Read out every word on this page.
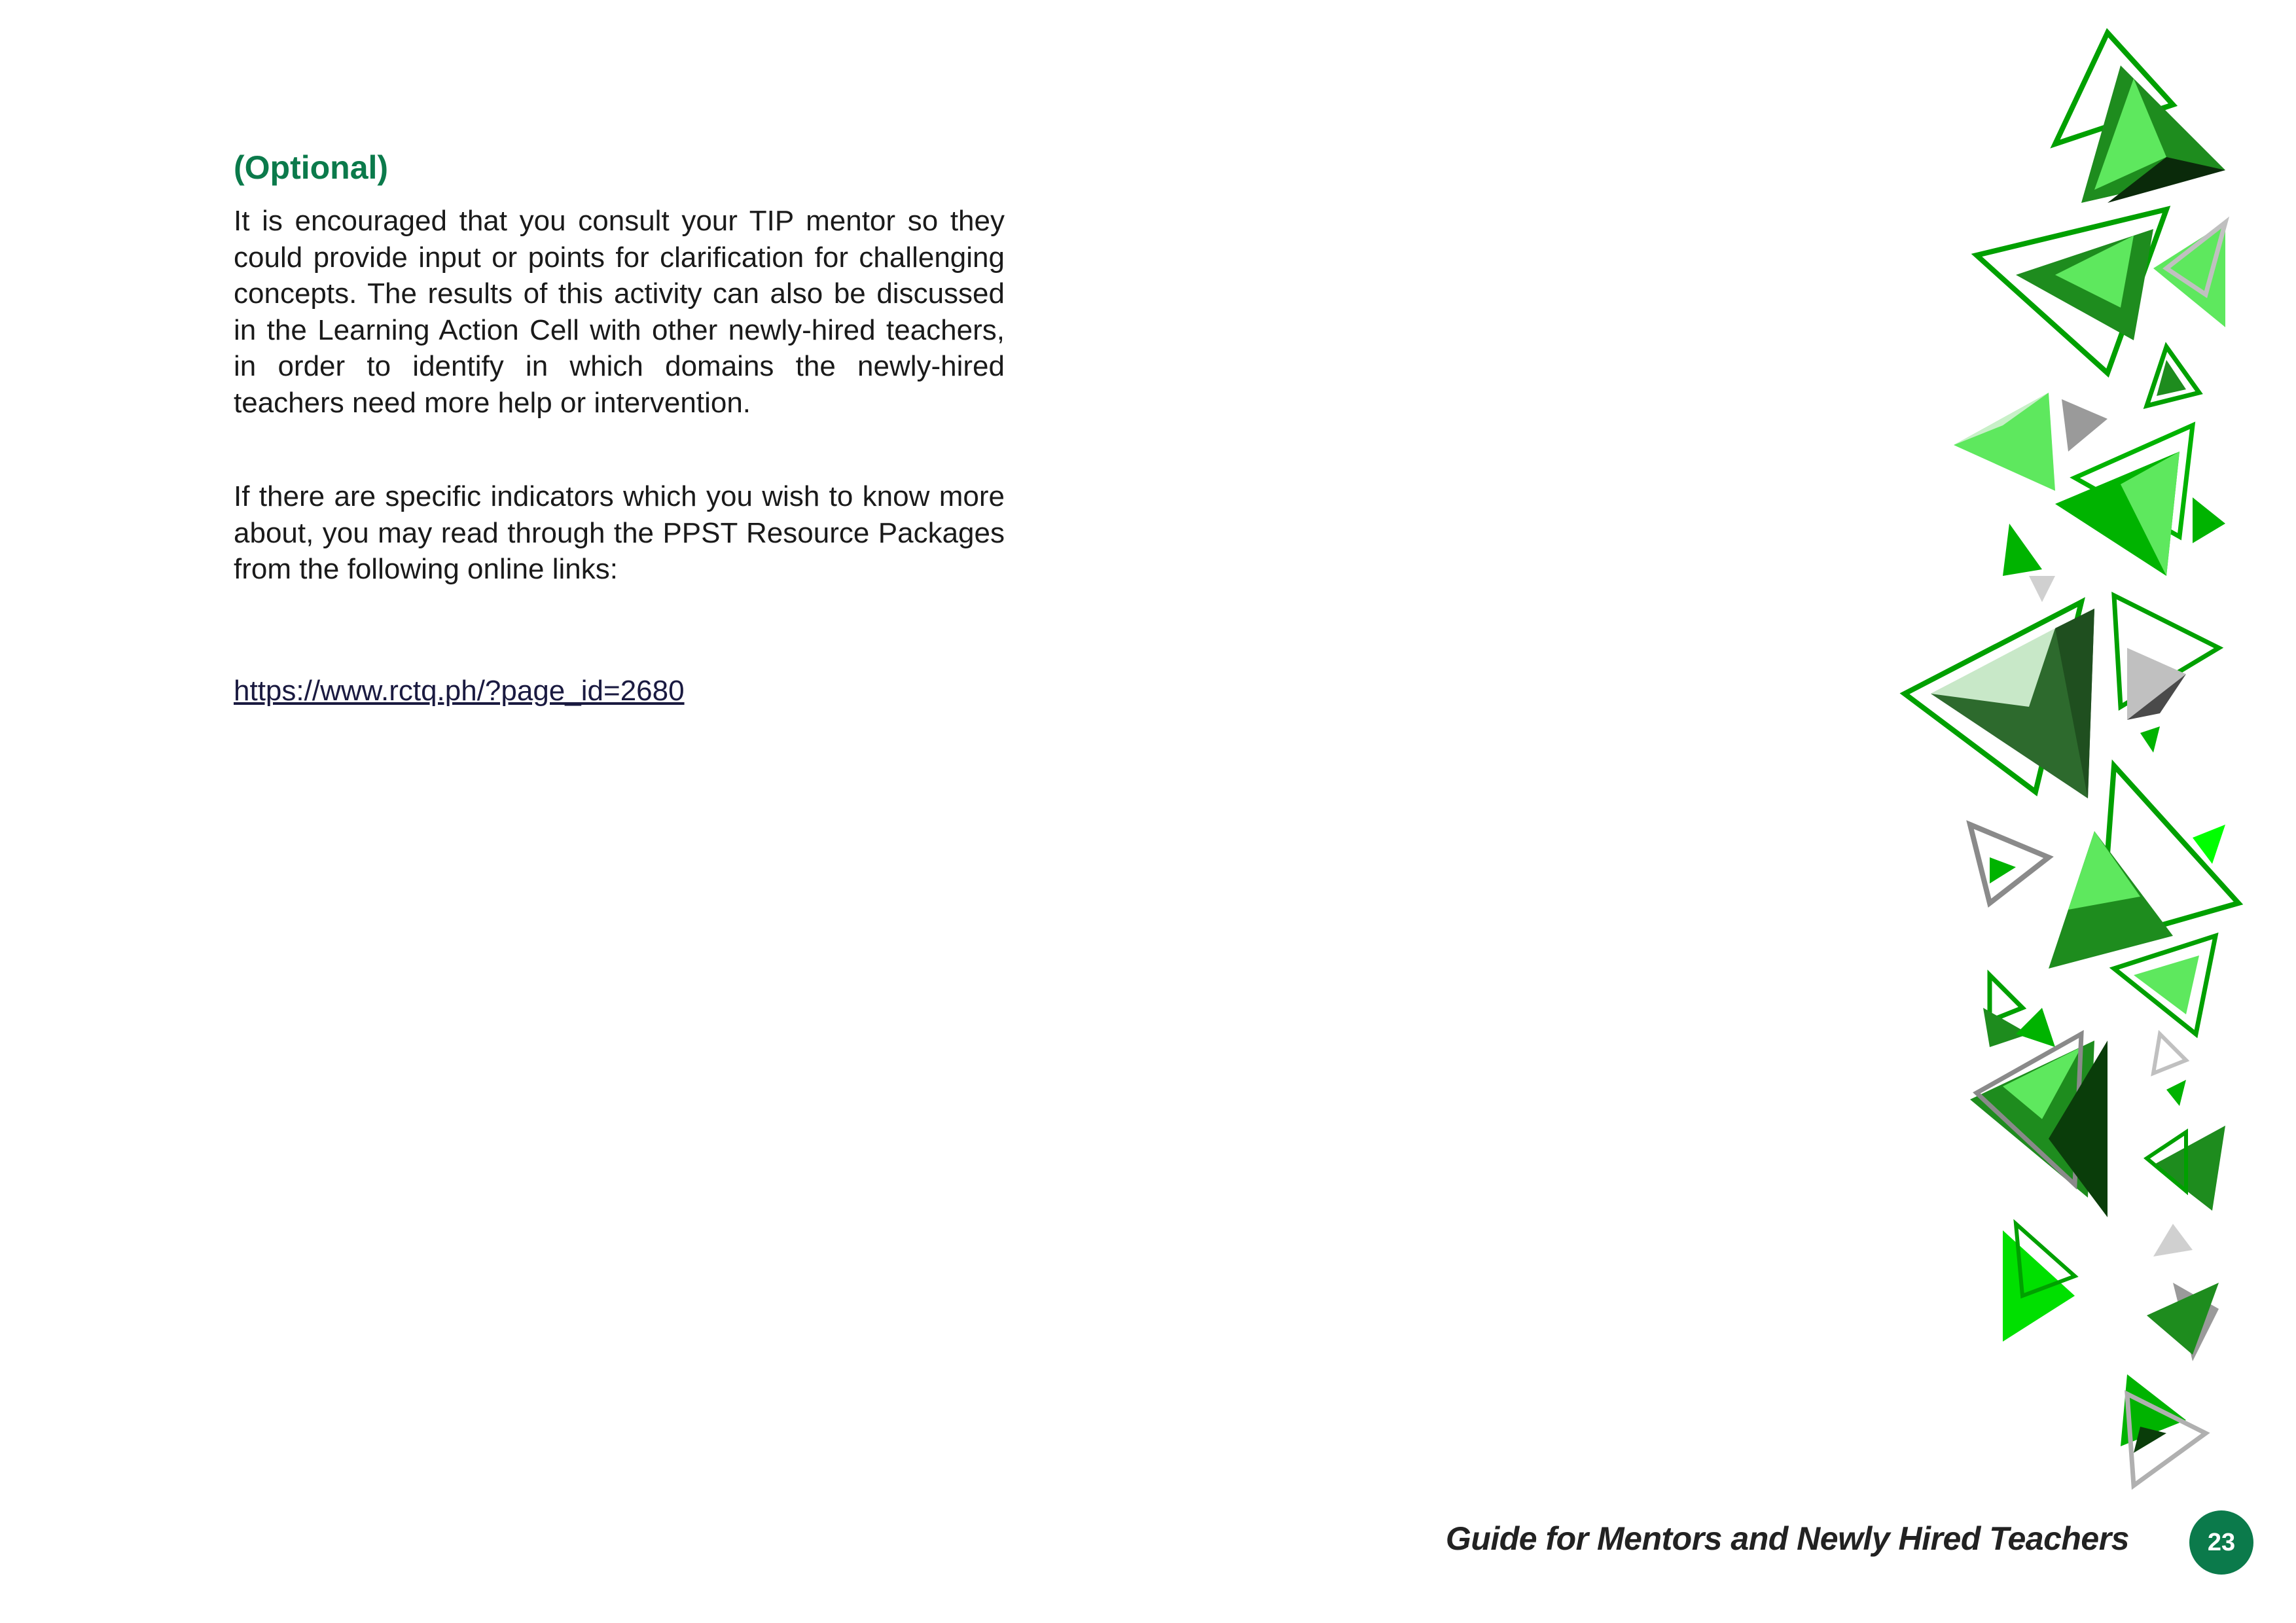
(Optional)

It is encouraged that you consult your TIP mentor so they could provide input or points for clarification for challenging concepts. The results of this activity can also be discussed in the Learning Action Cell with other newly-hired teachers, in order to identify in which domains the newly-hired teachers need more help or intervention.

If there are specific indicators which you wish to know more about, you may read through the PPST Resource Packages from the following online links:

https://www.rctq.ph/?page_id=2680
Guide for Mentors and Newly Hired Teachers	23
